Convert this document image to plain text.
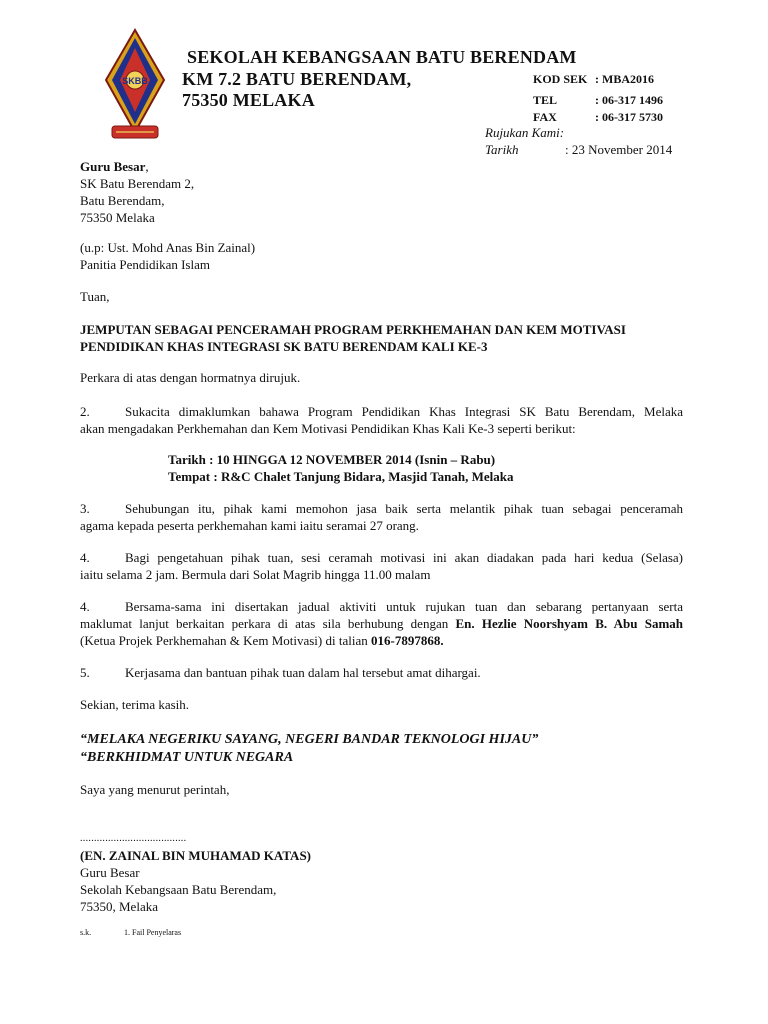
SKBB
SEKOLAH KEBANGSAAN BATU BERENDAM
KM 7.2 BATU BERENDAM,
75350 MELAKA
KOD SEK : MBA2016
TEL	: 06-317 1496
FAX	: 06-317 5730
Rujukan Kami:
Tarikh	: 23 November 2014
Guru Besar,
SK Batu Berendam 2,
Batu Berendam,
75350 Melaka
(u.p: Ust. Mohd Anas Bin Zainal)
Panitia Pendidikan Islam
Tuan,
JEMPUTAN SEBAGAI PENCERAMAH PROGRAM PERKHEMAHAN DAN KEM MOTIVASI
PENDIDIKAN KHAS INTEGRASI SK BATU BERENDAM KALI KE-3
Perkara di atas dengan hormatnya dirujuk.
2.	Sukacita dimaklumkan bahawa Program Pendidikan Khas Integrasi SK Batu Berendam, Melaka
akan mengadakan Perkhemahan dan Kem Motivasi Pendidikan Khas Kali Ke-3 seperti berikut:
Tarikh : 10 HINGGA 12 NOVEMBER 2014 (Isnin – Rabu)
Tempat : R&C Chalet Tanjung Bidara, Masjid Tanah, Melaka
3.	Sehubungan itu, pihak kami memohon jasa baik serta melantik pihak tuan sebagai penceramah
agama kepada peserta perkhemahan kami iaitu seramai 27 orang.
4.	Bagi pengetahuan pihak tuan, sesi ceramah motivasi ini akan diadakan pada hari kedua (Selasa)
iaitu selama 2 jam. Bermula dari Solat Magrib hingga 11.00 malam
4.	Bersama-sama ini disertakan jadual aktiviti untuk rujukan tuan dan sebarang pertanyaan serta
maklumat lanjut berkaitan perkara di atas sila berhubung dengan En. Hezlie Noorshyam B. Abu Samah
(Ketua Projek Perkhemahan & Kem Motivasi) di talian 016-7897868.
5.	Kerjasama dan bantuan pihak tuan dalam hal tersebut amat dihargai.
Sekian, terima kasih.
“MELAKA NEGERIKU SAYANG, NEGERI BANDAR TEKNOLOGI HIJAU”
“BERKHIDMAT UNTUK NEGARA
Saya yang menurut perintah,
......................................
(EN. ZAINAL BIN MUHAMAD KATAS)
Guru Besar
Sekolah Kebangsaan Batu Berendam,
75350, Melaka
s.k.	1. Fail Penyelaras
